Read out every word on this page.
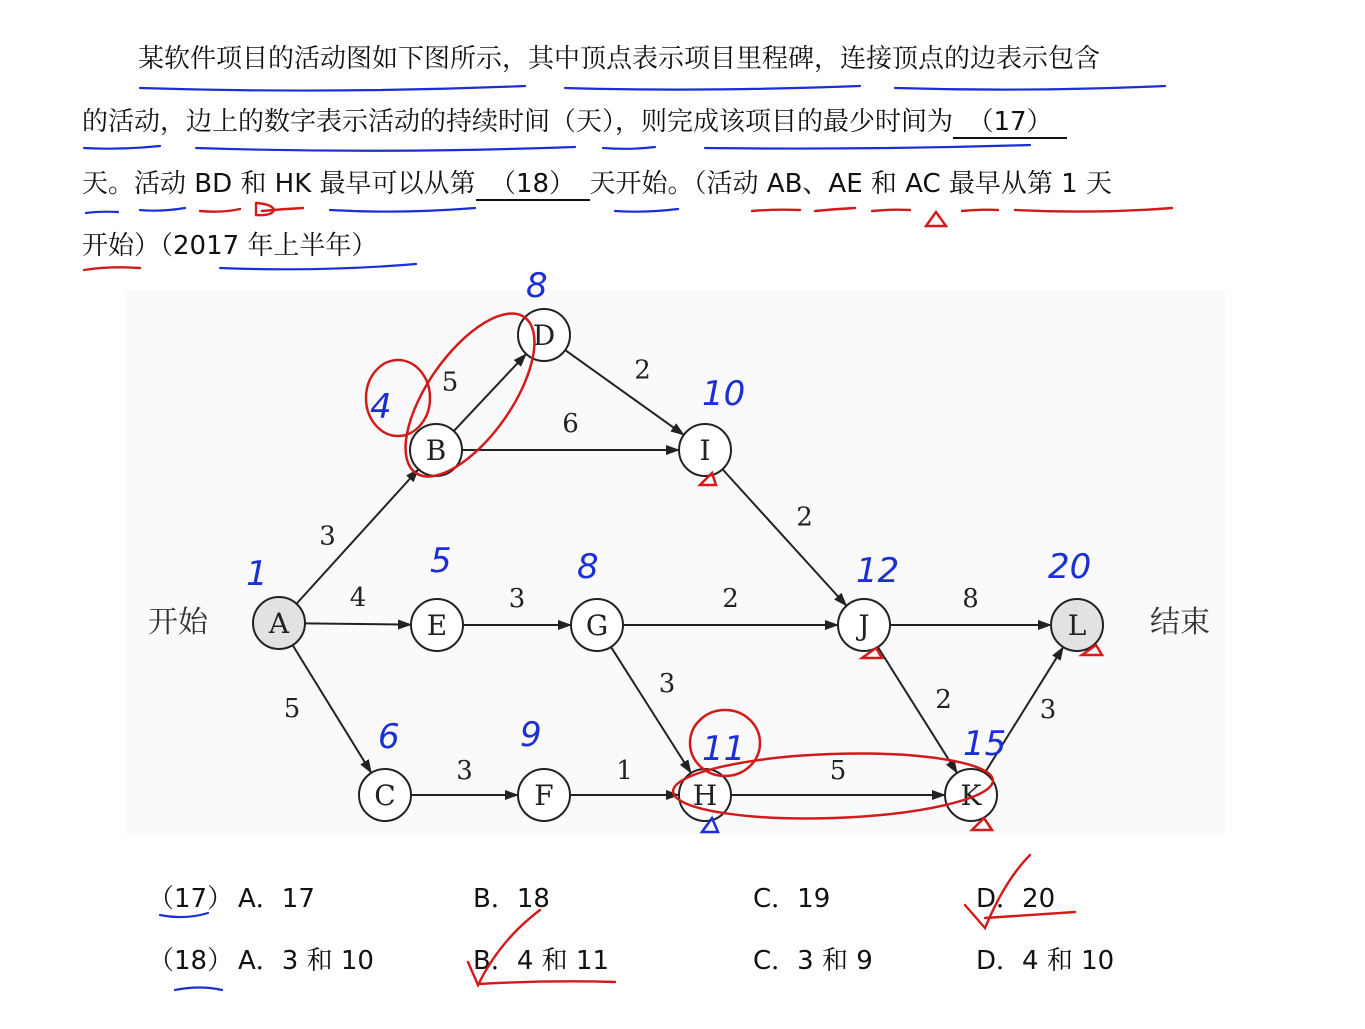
某软件项目的活动图如下图所示，其中顶点表示项目里程碑，连接顶点的边表示包含
的活动，边上的数字表示活动的持续时间（天），则完成该项目的最少时间为 （17）
天。活动 BD 和 HK 最早可以从第 （18） 天开始。（活动 AB、AE 和 AC 最早从第 1 天
开始）（2017 年上半年）
3
4
5
5
6
2
2
3	2
3
3	1	5
8
2	3
A
B
C
D
E
F
G
H
I
J
K
L
开始	结束
1
4
8
5	8
6	9	11
10
12
15
20
（17） A．17	B．18	C．19	D．20
（18） A．3 和 10	B．4 和 11	C．3 和 9	D．4 和 10
